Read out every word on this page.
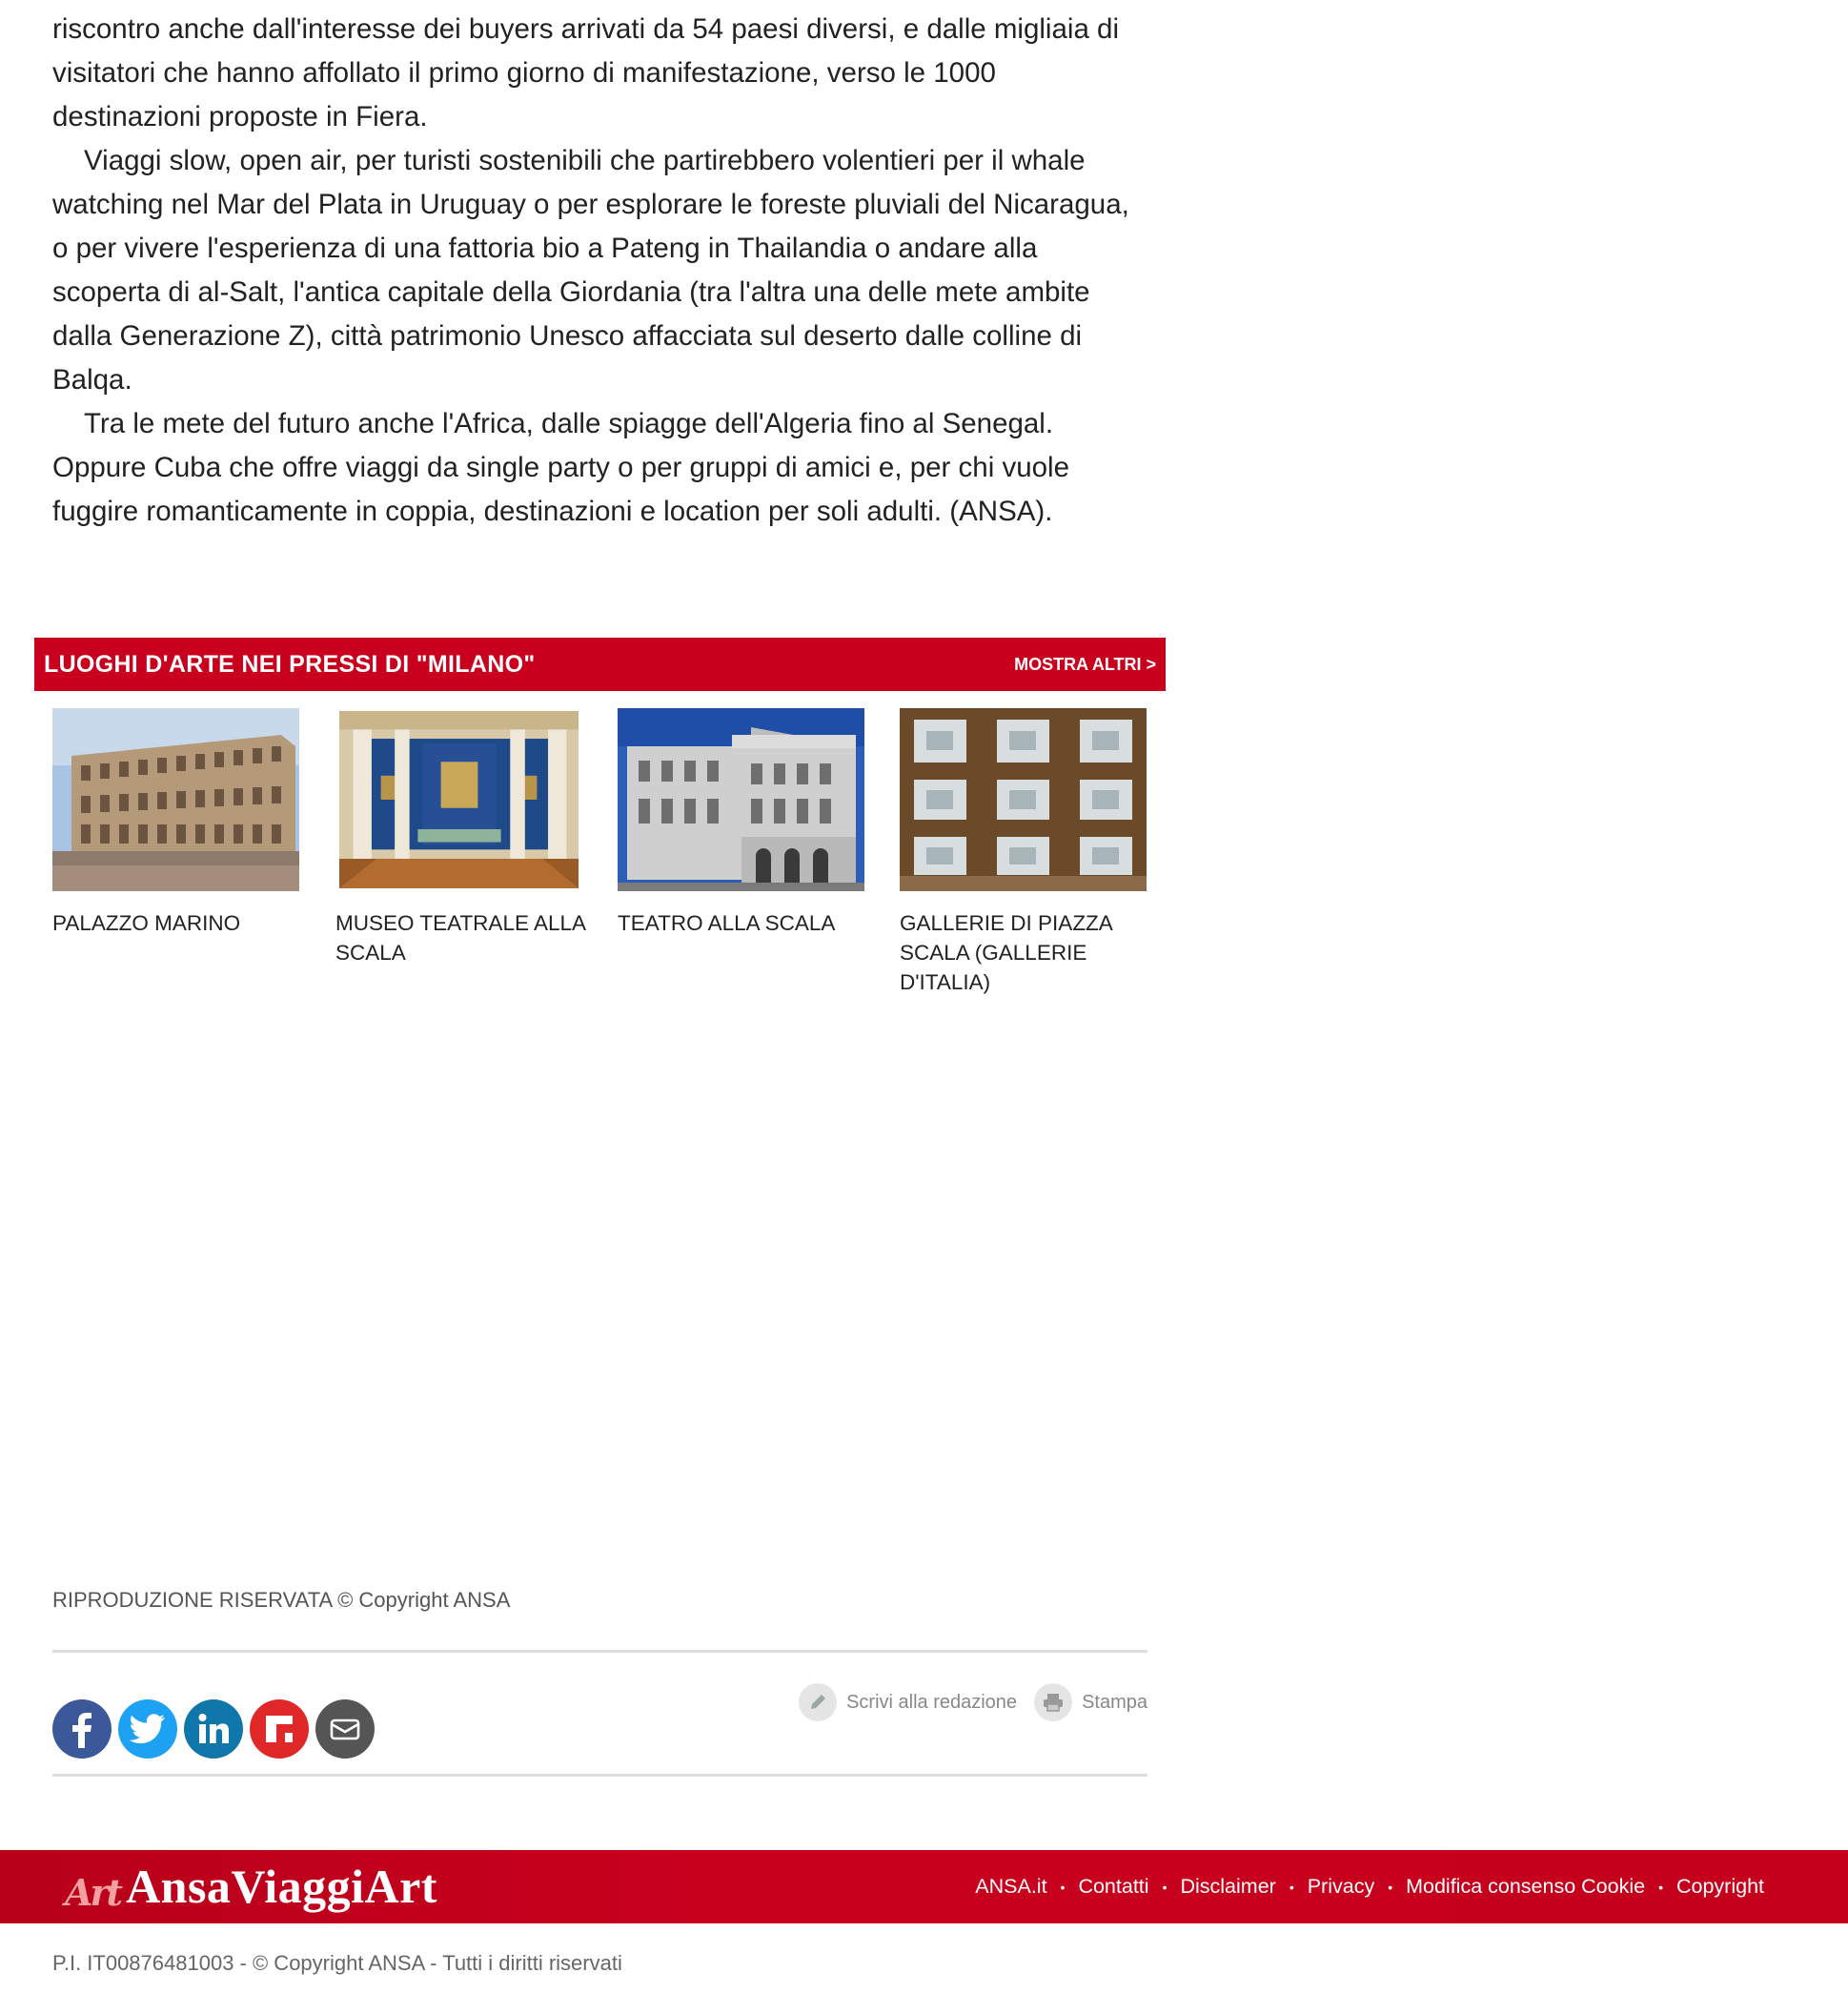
riscontro anche dall'interesse dei buyers arrivati da 54 paesi diversi, e dalle migliaia di visitatori che hanno affollato il primo giorno di manifestazione, verso le 1000 destinazioni proposte in Fiera.

Viaggi slow, open air, per turisti sostenibili che partirebbero volentieri per il whale watching nel Mar del Plata in Uruguay o per esplorare le foreste pluviali del Nicaragua, o per vivere l'esperienza di una fattoria bio a Pateng in Thailandia o andare alla scoperta di al-Salt, l'antica capitale della Giordania (tra l'altra una delle mete ambite dalla Generazione Z), città patrimonio Unesco affacciata sul deserto dalle colline di Balqa.

Tra le mete del futuro anche l'Africa, dalle spiagge dell'Algeria fino al Senegal. Oppure Cuba che offre viaggi da single party o per gruppi di amici e, per chi vuole fuggire romanticamente in coppia, destinazioni e location per soli adulti. (ANSA).

LUOGHI D'ARTE NEI PRESSI DI "MILANO"	MOSTRA ALTRI >
PALAZZO MARINO	MUSEO TEATRALE ALLA SCALA
TEATRO ALLA SCALA	GALLERIE DI PIAZZA SCALA (GALLERIE D'ITALIA)
RIPRODUZIONE RISERVATA © Copyright ANSA
Scrivi alla redazione	Stampa
Art AnsaViaggiArt	ANSA.it • Contatti • Disclaimer • Privacy • Modifica consenso Cookie • Copyright
P.I. IT00876481003 - © Copyright ANSA - Tutti i diritti riservati
